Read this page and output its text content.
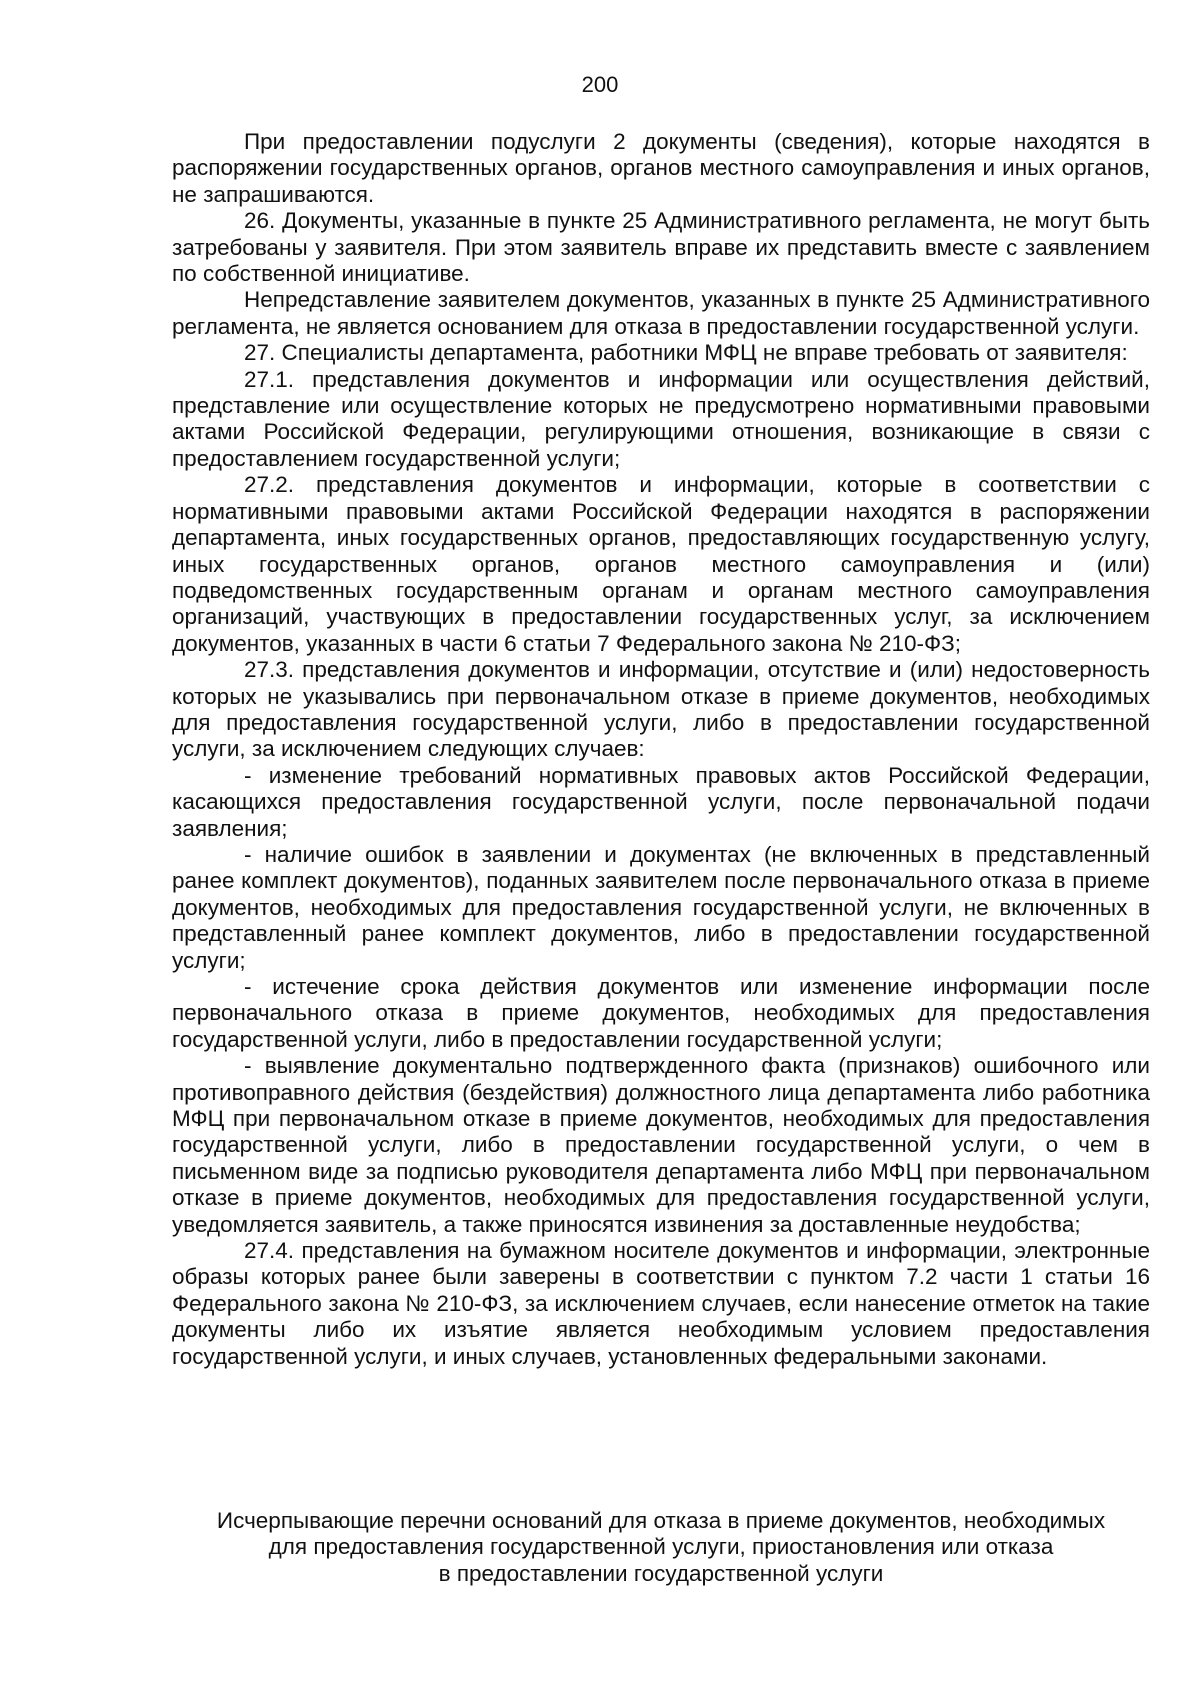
200

При предоставлении подуслуги 2 документы (сведения), которые находятся в распоряжении государственных органов, органов местного самоуправления и иных органов, не запрашиваются.

26. Документы, указанные в пункте 25 Административного регламента, не могут быть затребованы у заявителя. При этом заявитель вправе их представить вместе с заявлением по собственной инициативе.

Непредставление заявителем документов, указанных в пункте 25 Административного регламента, не является основанием для отказа в предоставлении государственной услуги.

27. Специалисты департамента, работники МФЦ не вправе требовать от заявителя:

27.1. представления документов и информации или осуществления действий, представление или осуществление которых не предусмотрено нормативными правовыми актами Российской Федерации, регулирующими отношения, возникающие в связи с предоставлением государственной услуги;

27.2. представления документов и информации, которые в соответствии с нормативными правовыми актами Российской Федерации находятся в распоряжении департамента, иных государственных органов, предоставляющих государственную услугу, иных государственных органов, органов местного самоуправления и (или) подведомственных государственным органам и органам местного самоуправления организаций, участвующих в предоставлении государственных услуг, за исключением документов, указанных в части 6 статьи 7 Федерального закона № 210-ФЗ;

27.3. представления документов и информации, отсутствие и (или) недостоверность которых не указывались при первоначальном отказе в приеме документов, необходимых для предоставления государственной услуги, либо в предоставлении государственной услуги, за исключением следующих случаев:

- изменение требований нормативных правовых актов Российской Федерации, касающихся предоставления государственной услуги, после первоначальной подачи заявления;

- наличие ошибок в заявлении и документах (не включенных в представленный ранее комплект документов), поданных заявителем после первоначального отказа в приеме документов, необходимых для предоставления государственной услуги, не включенных в представленный ранее комплект документов, либо в предоставлении государственной услуги;

- истечение срока действия документов или изменение информации после первоначального отказа в приеме документов, необходимых для предоставления государственной услуги, либо в предоставлении государственной услуги;

- выявление документально подтвержденного факта (признаков) ошибочного или противоправного действия (бездействия) должностного лица департамента либо работника МФЦ при первоначальном отказе в приеме документов, необходимых для предоставления государственной услуги, либо в предоставлении государственной услуги, о чем в письменном виде за подписью руководителя департамента либо МФЦ при первоначальном отказе в приеме документов, необходимых для предоставления государственной услуги, уведомляется заявитель, а также приносятся извинения за доставленные неудобства;

27.4. представления на бумажном носителе документов и информации, электронные образы которых ранее были заверены в соответствии с пунктом 7.2 части 1 статьи 16 Федерального закона № 210-ФЗ, за исключением случаев, если нанесение отметок на такие документы либо их изъятие является необходимым условием предоставления государственной услуги, и иных случаев, установленных федеральными законами.

Исчерпывающие перечни оснований для отказа в приеме документов, необходимых
для предоставления государственной услуги, приостановления или отказа
в предоставлении государственной услуги
